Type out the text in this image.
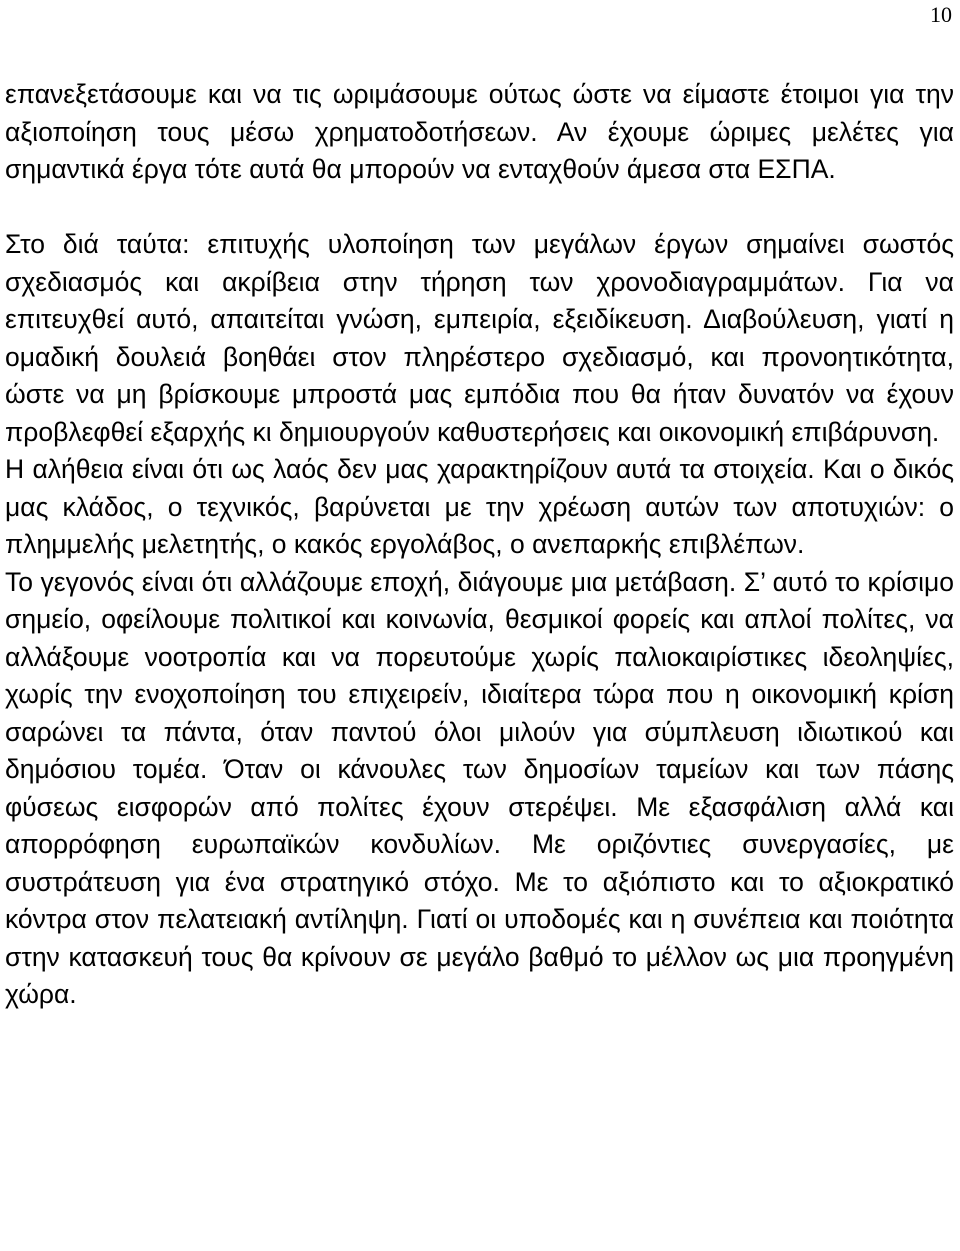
10

επανεξετάσουμε και να τις ωριμάσουμε ούτως ώστε να είμαστε έτοιμοι για την αξιοποίηση τους μέσω χρηματοδοτήσεων. Αν έχουμε ώριμες μελέτες για σημαντικά έργα τότε αυτά θα μπορούν να ενταχθούν άμεσα στα ΕΣΠΑ.

Στο διά ταύτα: επιτυχής υλοποίηση των μεγάλων έργων σημαίνει σωστός σχεδιασμός και ακρίβεια στην τήρηση των χρονοδιαγραμμάτων. Για να επιτευχθεί αυτό, απαιτείται γνώση, εμπειρία, εξειδίκευση. Διαβούλευση, γιατί η ομαδική δουλειά βοηθάει στον πληρέστερο σχεδιασμό, και προνοητικότητα, ώστε να μη βρίσκουμε μπροστά μας εμπόδια που θα ήταν δυνατόν να έχουν προβλεφθεί εξαρχής κι δημιουργούν καθυστερήσεις και οικονομική επιβάρυνση.

Η αλήθεια είναι ότι ως λαός δεν μας χαρακτηρίζουν αυτά τα στοιχεία. Και ο δικός μας κλάδος, ο τεχνικός, βαρύνεται με την χρέωση αυτών των αποτυχιών: ο πλημμελής μελετητής, ο κακός εργολάβος, ο ανεπαρκής επιβλέπων.

Το γεγονός είναι ότι αλλάζουμε εποχή, διάγουμε μια μετάβαση. Σ’ αυτό το κρίσιμο σημείο, οφείλουμε πολιτικοί και κοινωνία, θεσμικοί φορείς και απλοί πολίτες, να αλλάξουμε νοοτροπία και να πορευτούμε χωρίς παλιοκαιρίστικες ιδεοληψίες, χωρίς την ενοχοποίηση του επιχειρείν, ιδιαίτερα τώρα που η οικονομική κρίση σαρώνει τα πάντα, όταν παντού όλοι μιλούν για σύμπλευση ιδιωτικού και δημόσιου τομέα. Όταν οι κάνουλες των δημοσίων ταμείων και των πάσης φύσεως εισφορών από πολίτες έχουν στερέψει. Με εξασφάλιση αλλά και απορρόφηση ευρωπαϊκών κονδυλίων. Με οριζόντιες συνεργασίες, με συστράτευση για ένα στρατηγικό στόχο. Με το αξιόπιστο και το αξιοκρατικό κόντρα στον πελατειακή αντίληψη. Γιατί οι υποδομές και η συνέπεια και ποιότητα στην κατασκευή τους θα κρίνουν σε μεγάλο βαθμό το μέλλον ως μια προηγμένη χώρα.
